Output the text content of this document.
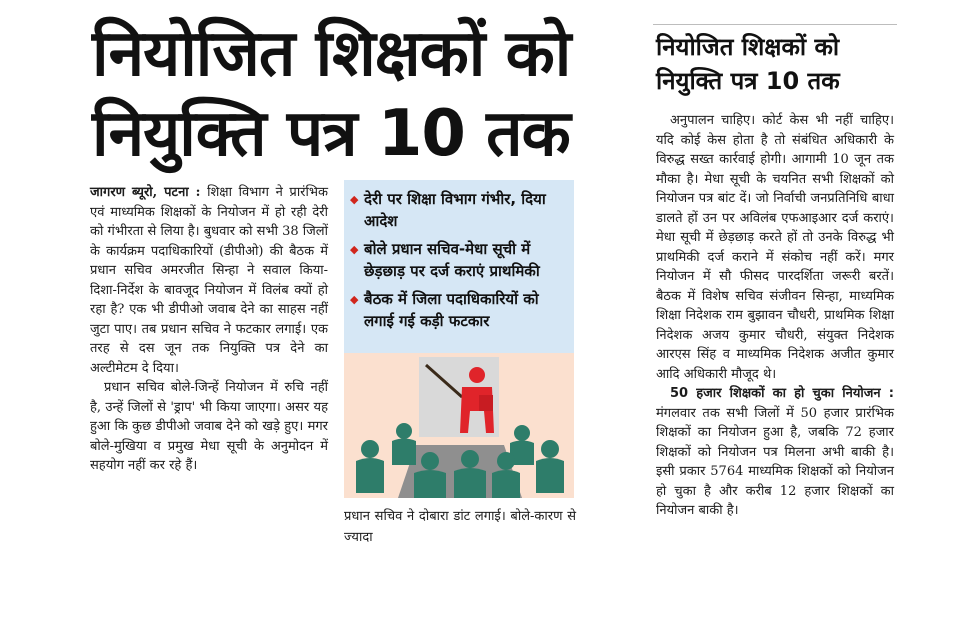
नियोजित शिक्षकों को
नियुक्ति पत्र 10 तक

जागरण ब्यूरो, पटना : शिक्षा विभाग ने प्रारंभिक एवं माध्यमिक शिक्षकों के नियोजन में हो रही देरी को गंभीरता से लिया है। बुधवार को सभी 38 जिलों के कार्यक्रम पदाधिकारियों (डीपीओ) की बैठक में प्रधान सचिव अमरजीत सिन्हा ने सवाल किया-दिशा-निर्देश के बावजूद नियोजन में विलंब क्यों हो रहा है? एक भी डीपीओ जवाब देने का साहस नहीं जुटा पाए। तब प्रधान सचिव ने फटकार लगाई। एक तरह से दस जून तक नियुक्ति पत्र देने का अल्टीमेटम दे दिया।

प्रधान सचिव बोले-जिन्हें नियोजन में रुचि नहीं है, उन्हें जिलों से 'ड्राप' भी किया जाएगा। असर यह हुआ कि कुछ डीपीओ जवाब देने को खड़े हुए। मगर बोले-मुखिया व प्रमुख मेधा सूची के अनुमोदन में सहयोग नहीं कर रहे हैं।

◆ देरी पर शिक्षा विभाग गंभीर, दिया आदेश
◆ बोले प्रधान सचिव-मेधा सूची में छेड़छाड़ पर दर्ज कराएं प्राथमिकी
◆ बैठक में जिला पदाधिकारियों को लगाई गई कड़ी फटकार
प्रधान सचिव ने दोबारा डांट लगाई। बोले-कारण से ज्यादा
नियोजित शिक्षकों को
नियुक्ति पत्र 10 तक

अनुपालन चाहिए। कोर्ट केस भी नहीं चाहिए। यदि कोई केस होता है तो संबंधित अधिकारी के विरुद्ध सख्त कार्रवाई होगी। आगामी 10 जून तक मौका है। मेधा सूची के चयनित सभी शिक्षकों को नियोजन पत्र बांट दें। जो निर्वाची जनप्रतिनिधि बाधा डालते हों उन पर अविलंब एफआइआर दर्ज कराएं। मेधा सूची में छेड़छाड़ करते हों तो उनके विरुद्ध भी प्राथमिकी दर्ज कराने में संकोच नहीं करें। मगर नियोजन में सौ फीसद पारदर्शिता जरूरी बरतें। बैठक में विशेष सचिव संजीवन सिन्हा, माध्यमिक शिक्षा निदेशक राम बुझावन चौधरी, प्राथमिक शिक्षा निदेशक अजय कुमार चौधरी, संयुक्त निदेशक आरएस सिंह व माध्यमिक निदेशक अजीत कुमार आदि अधिकारी मौजूद थे।

50 हजार शिक्षकों का हो चुका नियोजन : मंगलवार तक सभी जिलों में 50 हजार प्रारंभिक शिक्षकों का नियोजन हुआ है, जबकि 72 हजार शिक्षकों को नियोजन पत्र मिलना अभी बाकी है। इसी प्रकार 5764 माध्यमिक शिक्षकों को नियोजन हो चुका है और करीब 12 हजार शिक्षकों का नियोजन बाकी है।
